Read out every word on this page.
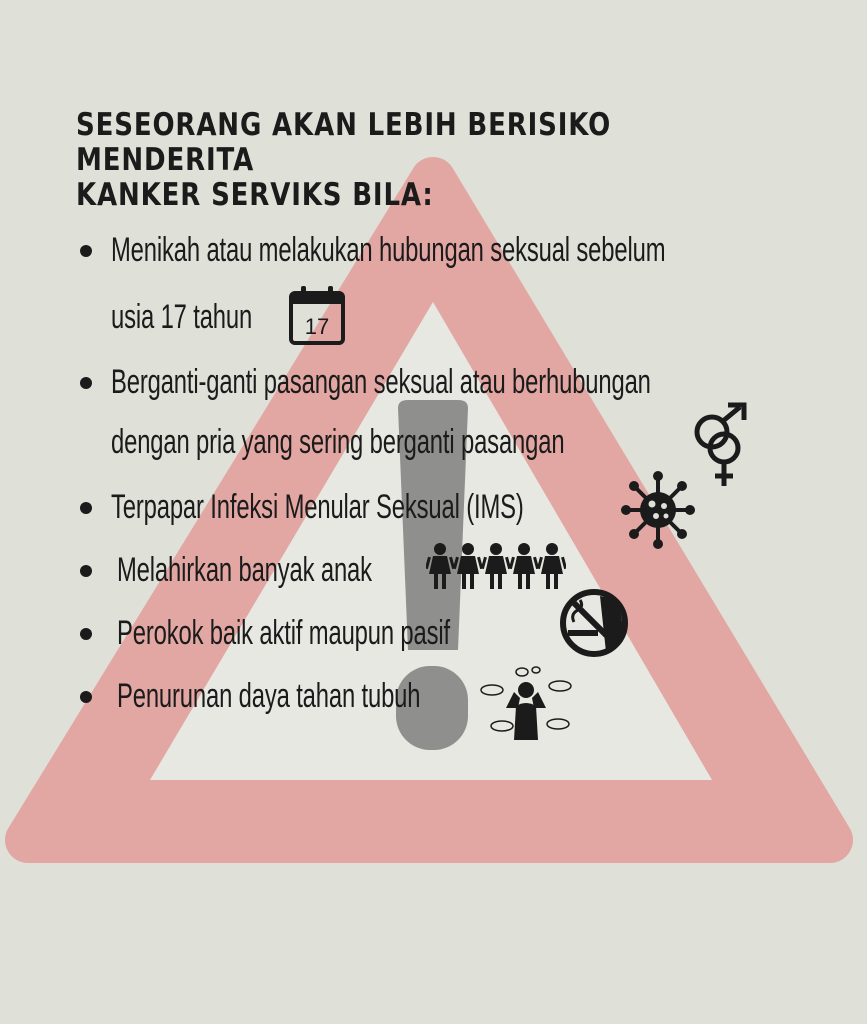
SESEORANG AKAN LEBIH BERISIKO MENDERITA
KANKER SERVIKS BILA:
Menikah atau melakukan hubungan seksual sebelum
usia 17 tahun 17
Berganti-ganti pasangan seksual atau berhubungan
dengan pria yang sering berganti pasangan
Terpapar Infeksi Menular Seksual (IMS)
Melahirkan banyak anak
Perokok baik aktif maupun pasif
Penurunan daya tahan tubuh
